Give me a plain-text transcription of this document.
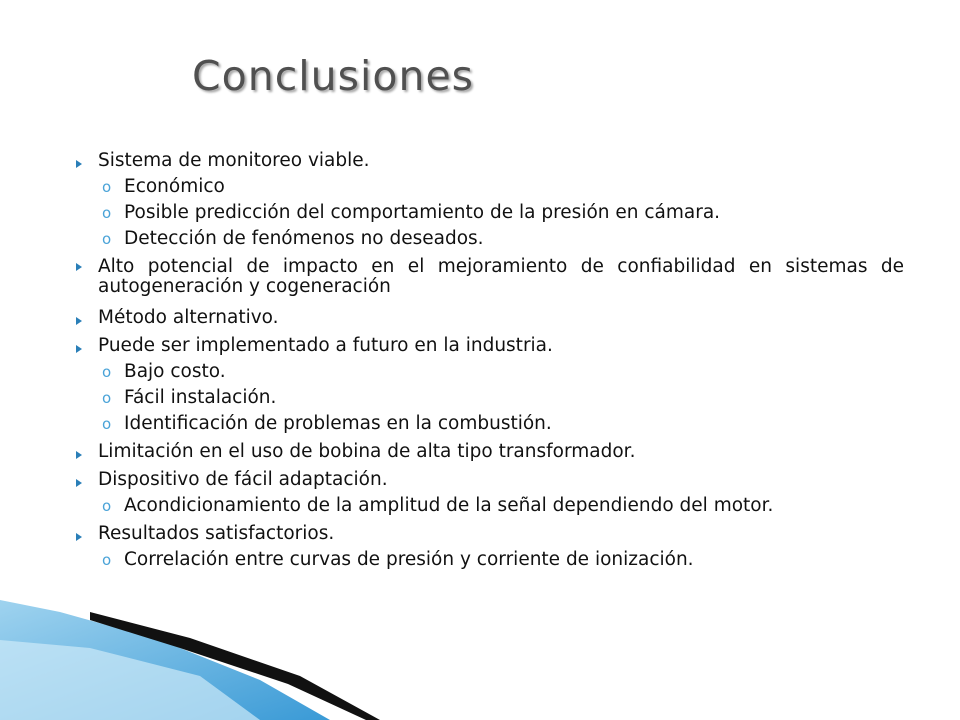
Conclusiones
Sistema de monitoreo viable.
o Económico
o Posible predicción del comportamiento de la presión en cámara.
o Detección de fenómenos no deseados.
Alto potencial de impacto en el mejoramiento de confiabilidad en sistemas de autogeneración y cogeneración
Método alternativo.
Puede ser implementado a futuro en la industria.
o Bajo costo.
o Fácil instalación.
o Identificación de problemas en la combustión.
Limitación en el uso de bobina de alta tipo transformador.
Dispositivo de fácil adaptación.
o Acondicionamiento de la amplitud de la señal dependiendo del motor.
Resultados satisfactorios.
o Correlación entre curvas de presión y corriente de ionización.
